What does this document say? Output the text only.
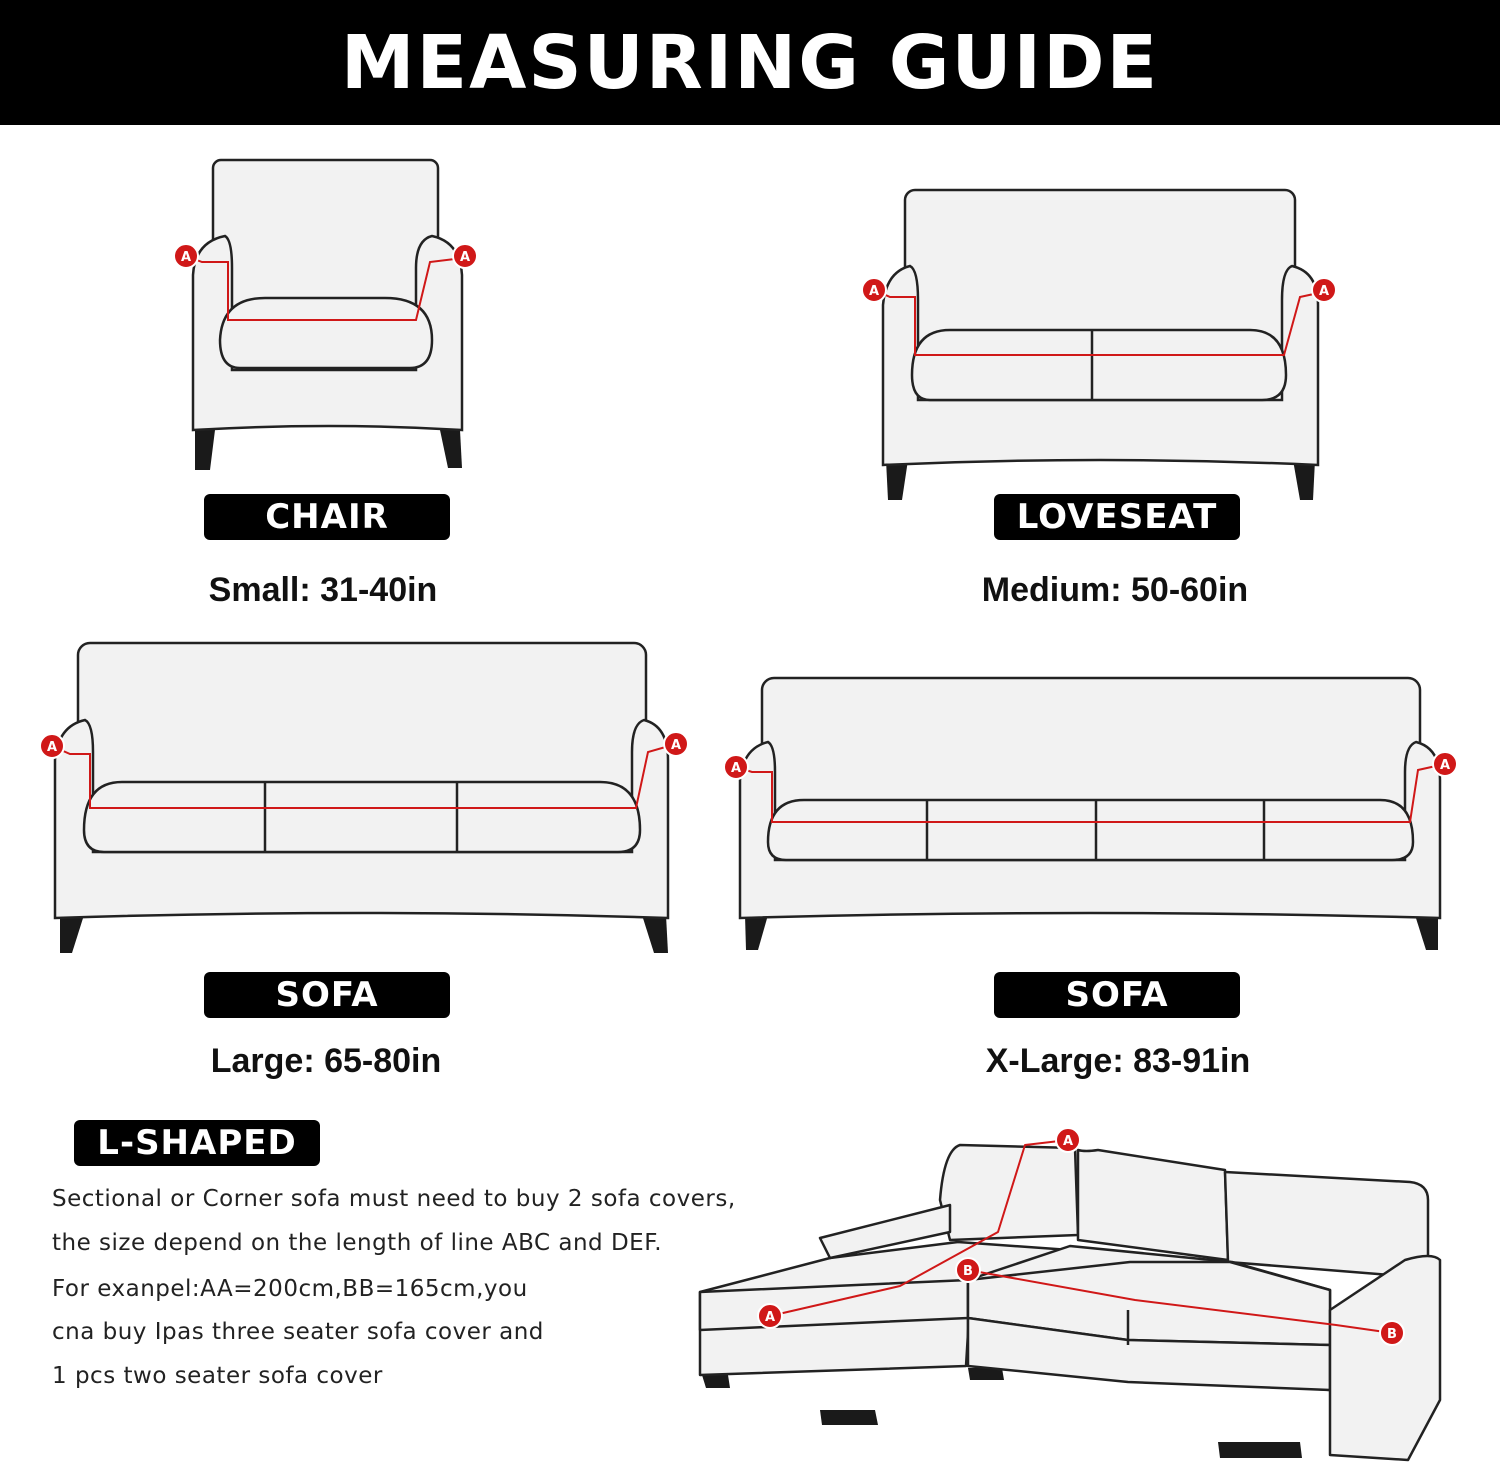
MEASURING GUIDE
A	A
A	A
A	A
A	A
A
A
B
B
CHAIR
Small: 31-40in
LOVESEAT
Medium: 50-60in
SOFA
Large: 65-80in
SOFA
X-Large: 83-91in
L-SHAPED
Sectional or Corner sofa must need to buy 2 sofa covers,
the size depend on the length of line ABC and DEF.
For exanpel:AA=200cm,BB=165cm,you
cna buy Ipas three seater sofa cover and
1 pcs two seater sofa cover
